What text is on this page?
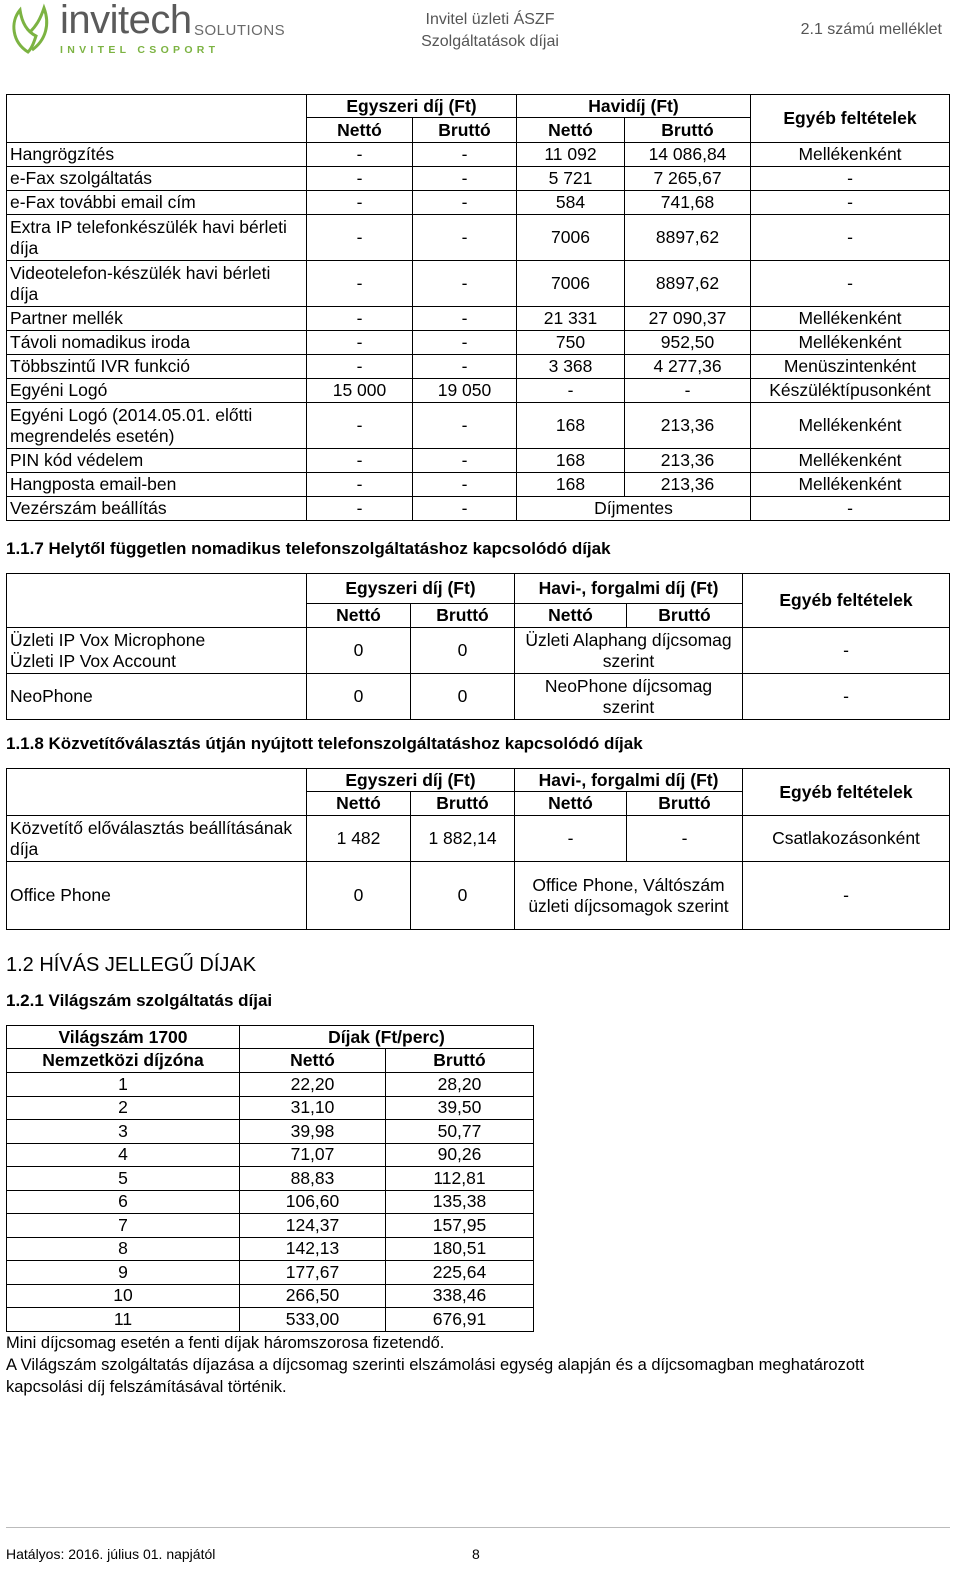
invitech SOLUTIONS
INVITEL CSOPORT
Invitel üzleti ÁSZF
Szolgáltatások díjai
2.1 számú melléklet
	Egyszeri díj (Ft)		Havidíj (Ft)		Egyéb feltételek
	Nettó	Bruttó	Nettó	Bruttó	
Hangrögzítés	-	-	11 092	14 086,84	Mellékenként
e-Fax szolgáltatás	-	-	5 721	7 265,67	-
e-Fax további email cím	-	-	584	741,68	-
Extra IP telefonkészülék havi bérleti díja	-	-	7006	8897,62	-
Videotelefon-készülék havi bérleti díja	-	-	7006	8897,62	-
Partner mellék	-	-	21 331	27 090,37	Mellékenként
Távoli nomadikus iroda	-	-	750	952,50	Mellékenként
Többszintű IVR funkció	-	-	3 368	4 277,36	Menüszintenként
Egyéni Logó	15 000	19 050	-	-	Készüléktípusonként
Egyéni Logó (2014.05.01. előtti megrendelés esetén)	-	-	168	213,36	Mellékenként
PIN kód védelem	-	-	168	213,36	Mellékenként
Hangposta email-ben	-	-	168	213,36	Mellékenként
Vezérszám beállítás	-	-	Díjmentes		-
1.1.7 Helytől független nomadikus telefonszolgáltatáshoz kapcsolódó díjak
	Egyszeri díj (Ft)		Havi-, forgalmi díj (Ft)		Egyéb feltételek
	Nettó	Bruttó	Nettó	Bruttó	

Üzleti IP Vox Microphone
Üzleti IP Vox Account	0	0	Üzleti Alaphang díjcsomag szerint		-
NeoPhone	0	0	NeoPhone díjcsomag szerint		-
1.1.8 Közvetítőválasztás útján nyújtott telefonszolgáltatáshoz kapcsolódó díjak
	Egyszeri díj (Ft)		Havi-, forgalmi díj (Ft)		Egyéb feltételek
	Nettó	Bruttó	Nettó	Bruttó	
Közvetítő előválasztás beállításának díja	1 482	1 882,14	-	-	Csatlakozásonként
Office Phone	0	0	Office Phone, Váltószám üzleti díjcsomagok szerint		-
1.2 HÍVÁS JELLEGŰ DÍJAK
1.2.1 Világszám szolgáltatás díjai
Világszám 1700	Díjak (Ft/perc)	
Nemzetközi díjzóna	Nettó	Bruttó
1	22,20	28,20
2	31,10	39,50
3	39,98	50,77
4	71,07	90,26
5	88,83	112,81
6	106,60	135,38
7	124,37	157,95
8	142,13	180,51
9	177,67	225,64
10	266,50	338,46
11	533,00	676,91
Mini díjcsomag esetén a fenti díjak háromszorosa fizetendő.
A Világszám szolgáltatás díjazása a díjcsomag szerinti elszámolási egység alapján és a díjcsomagban meghatározott kapcsolási díj felszámításával történik.
Hatályos: 2016. július 01. napjától	8
